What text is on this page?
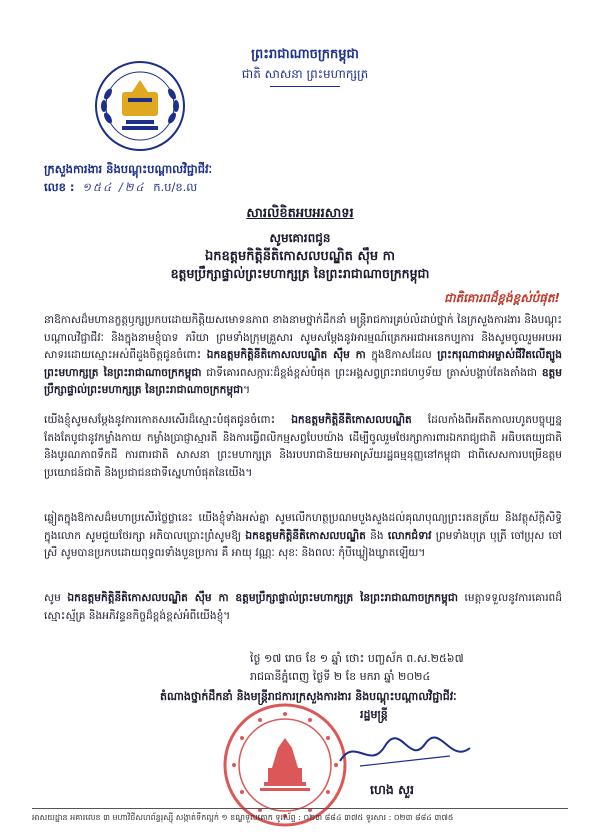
ព្រះរាជាណាចក្រកម្ពុជា
ជាតិ សាសនា ព្រះមហាក្សត្រ
ក្រសួងការងារ និងបណ្តុះបណ្តាលវិជ្ជាជីវៈ
លេខ : ១៥៤ /២៤ ក.ប/ខ.ល
សារលិខិតអបអរសាទរ
សូមគោរពជូន
ឯកឧត្តមកិត្តិនីតិកោសលបណ្ឌិត ស៊ឹម កា
ឧត្តមប្រឹក្សាផ្ទាល់ព្រះមហាក្សត្រ នៃព្រះរាជាណាចក្រកម្ពុជា
ជាតិគោរពដ៏ខ្ពង់ខ្ពស់បំផុត!
នាឱកាសដ៏មហានក្ខត្តឫក្សប្រកបដោយកិត្តិយសមោទនភាព ខាងនាមថ្នាក់ដឹកនាំ មន្ត្រីរាជការគ្រប់លំដាប់ថ្នាក់ នៃក្រសួងការងារ និងបណ្តុះបណ្តាលវិជ្ជាជីវៈ និងក្នុងនាមខ្ញុំបាទ ភរិយា ព្រមទាំងក្រុមគ្រួសារ សូមសម្តែងនូវអារម្មណ៍ត្រេកអរជាអនេកប្បការ និងសូមចូលរួមអបអរសាទរដោយស្មោះអស់ពីដួងចិត្តជូនចំពោះ ឯកឧត្តមកិត្តិនីតិកោសលបណ្ឌិត ស៊ឹម កា ក្នុងឱកាសដែល ព្រះករុណាជាអម្ចាស់ជីវិតលើត្បូង ព្រះមហាក្សត្រ នៃព្រះរាជាណាចក្រកម្ពុជា ជាទីគោរពសក្ការៈដ៏ខ្ពង់ខ្ពស់បំផុត ព្រះអង្គសព្វព្រះរាជហឫទ័យ ត្រាស់បង្គាប់តែងតាំងជា ឧត្តមប្រឹក្សាផ្ទាល់ព្រះមហាក្សត្រ នៃព្រះរាជាណាចក្រកម្ពុជា។
យើងខ្ញុំសូមសម្តែងនូវការកោតសរសើរដ៏ស្មោះបំផុតជូនចំពោះ ឯកឧត្តមកិត្តិនីតិកោសលបណ្ឌិត ដែលកាំងពីអតីតកាលរហូតបច្ចុប្បន្ន តែងតែបូជានូវកម្លាំងកាយ កម្លាំងប្រាជ្ញាស្មារតី និងការធ្វើពលិកម្មសព្វបែបយ៉ាង ដើម្បីចូលរួមថែរក្សាការពារឯករាជ្យជាតិ អធិបតេយ្យជាតិ និងបូរណភាពទឹកដី ការពារជាតិ សាសនា ព្រះមហាក្សត្រ និងរបបរាជានិយមអាស្រ័យរដ្ឋធម្មនុញ្ញនៅកម្ពុជា ជាពិសេសការបម្រើឧត្តមប្រយោជន៍ជាតិ និងប្រជាជនជាទីស្នេហាបំផុតនៃយើង។
ឆ្លៀតក្នុងឱកាសដ៏មហាប្រសើរថ្លៃថ្លានេះ យើងខ្ញុំទាំងអស់គ្នា សូមលើកហត្ថប្រណមបួងសួងដល់គុណបុណ្យព្រះរតនត្រ័យ និងវត្ថុស័ក្តិសិទ្ធិក្នុងលោក សូមជួយថែរក្សា អភិបាលប្រោះព្រំសូមឱ្យ ឯកឧត្តមកិត្តិនីតិកោសលបណ្ឌិត និង លោកជំទាវ ព្រមទាំងបុត្រ បុត្រី ចៅប្រុស ចៅស្រី សូមបានប្រកបដោយពុទ្ធពរទាំងបួនប្រការ គឺ អាយុ វណ្ណៈ សុខៈ និងពលៈ កុំបីឃ្លៀងឃ្លាតឡើយ។
សូម ឯកឧត្តមកិត្តិនីតិកោសលបណ្ឌិត ស៊ឹម កា ឧត្តមប្រឹក្សាផ្ទាល់ព្រះមហាក្សត្រ នៃព្រះរាជាណាចក្រកម្ពុជា មេត្តាទទួលនូវការគោរពដ៏ស្មោះស្ម័គ្រ និងអភិវន្ទនកិច្ចដ៏ខ្ពង់ខ្ពស់អំពីយើងខ្ញុំ។
ថ្ងៃ ១៧ រោច ខែ ១ ឆ្នាំ ថោះ បញ្ចស័ក ព.ស.២៥៦៧
រាជធានីភ្នំពេញ ថ្ងៃទី ២ ខែ មករា ឆ្នាំ ២០២៤
តំណាងថ្នាក់ដឹកនាំ និងមន្ត្រីរាជការក្រសួងការងារ និងបណ្តុះបណ្តាលវិជ្ជាជីវៈ
រដ្ឋមន្ត្រី
ហេង សួរ
អាសយដ្ឋាន អគារលេខ ៣ មហាវិថីសហព័ន្ធរុស្ស៊ី សង្កាត់ទឹកល្អក់ ១ ខណ្ឌទួលគោក ទូរស័ព្ទ : ០២៣ ៨៨៤ ៣៧៥ ទូរសារ : ០២៣ ៨៨៤ ៣៧៥
